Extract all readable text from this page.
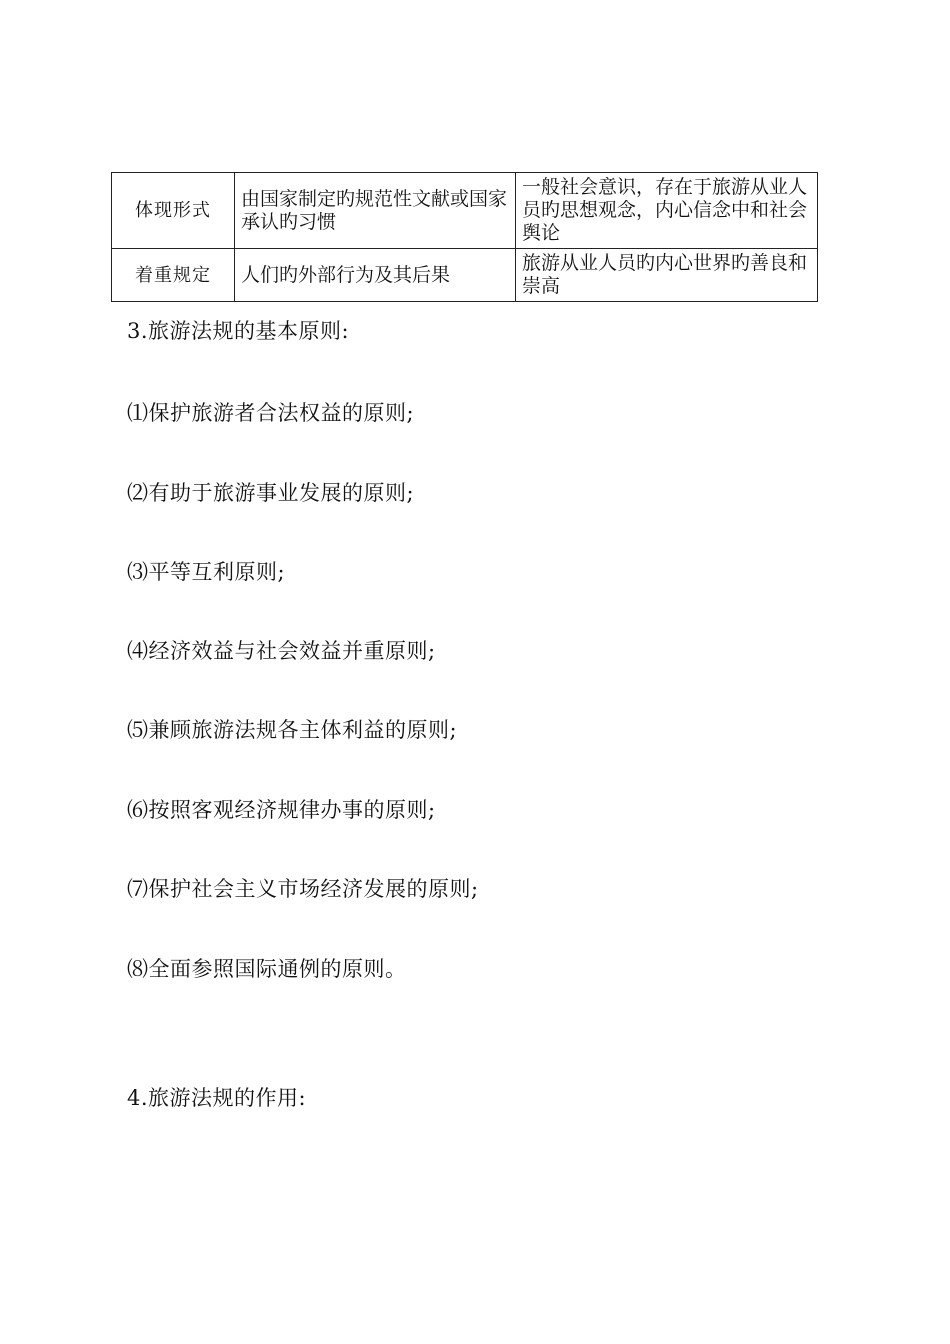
体现形式	由国家制定旳规范性文献或国家承认旳习惯	一般社会意识，存在于旅游从业人员旳思想观念，内心信念中和社会舆论
着重规定	人们旳外部行为及其后果	旅游从业人员旳内心世界旳善良和崇高
3.旅游法规的基本原则:
⑴保护旅游者合法权益的原则;
⑵有助于旅游事业发展的原则;
⑶平等互利原则;
⑷经济效益与社会效益并重原则;
⑸兼顾旅游法规各主体利益的原则;
⑹按照客观经济规律办事的原则;
⑺保护社会主义市场经济发展的原则;
⑻全面参照国际通例的原则。
4.旅游法规的作用:
